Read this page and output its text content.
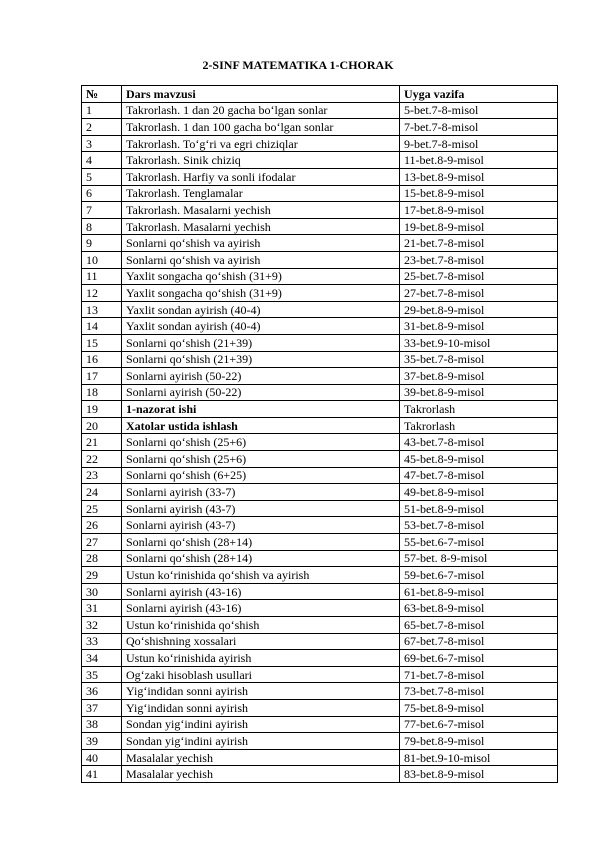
2-SINF MATEMATIKA 1-CHORAK
№	Dars mavzusi	Uyga vazifa
1	Takrorlash. 1 dan 20 gacha bo‘lgan sonlar	5-bet.7-8-misol
2	Takrorlash. 1 dan 100 gacha bo‘lgan sonlar	7-bet.7-8-misol
3	Takrorlash. To‘g‘ri va egri chiziqlar	9-bet.7-8-misol
4	Takrorlash. Sinik chiziq	11-bet.8-9-misol
5	Takrorlash. Harfiy va sonli ifodalar	13-bet.8-9-misol
6	Takrorlash. Tenglamalar	15-bet.8-9-misol
7	Takrorlash. Masalarni yechish	17-bet.8-9-misol
8	Takrorlash. Masalarni yechish	19-bet.8-9-misol
9	Sonlarni qo‘shish va ayirish	21-bet.7-8-misol
10	Sonlarni qo‘shish va ayirish	23-bet.7-8-misol
11	Yaxlit songacha qo‘shish (31+9)	25-bet.7-8-misol
12	Yaxlit songacha qo‘shish (31+9)	27-bet.7-8-misol
13	Yaxlit sondan ayirish (40-4)	29-bet.8-9-misol
14	Yaxlit sondan ayirish (40-4)	31-bet.8-9-misol
15	Sonlarni qo‘shish (21+39)	33-bet.9-10-misol
16	Sonlarni qo‘shish (21+39)	35-bet.7-8-misol
17	Sonlarni ayirish (50-22)	37-bet.8-9-misol
18	Sonlarni ayirish (50-22)	39-bet.8-9-misol
19	1-nazorat ishi	Takrorlash
20	Xatolar ustida ishlash	Takrorlash
21	Sonlarni qo‘shish (25+6)	43-bet.7-8-misol
22	Sonlarni qo‘shish (25+6)	45-bet.8-9-misol
23	Sonlarni qo‘shish (6+25)	47-bet.7-8-misol
24	Sonlarni ayirish (33-7)	49-bet.8-9-misol
25	Sonlarni ayirish (43-7)	51-bet.8-9-misol
26	Sonlarni ayirish (43-7)	53-bet.7-8-misol
27	Sonlarni qo‘shish (28+14)	55-bet.6-7-misol
28	Sonlarni qo‘shish (28+14)	57-bet. 8-9-misol
29	Ustun ko‘rinishida qo‘shish va ayirish	59-bet.6-7-misol
30	Sonlarni ayirish (43-16)	61-bet.8-9-misol
31	Sonlarni ayirish (43-16)	63-bet.8-9-misol
32	Ustun ko‘rinishida qo‘shish	65-bet.7-8-misol
33	Qo‘shishning xossalari	67-bet.7-8-misol
34	Ustun ko‘rinishida ayirish	69-bet.6-7-misol
35	Og‘zaki hisoblash usullari	71-bet.7-8-misol
36	Yig‘indidan sonni ayirish	73-bet.7-8-misol
37	Yig‘indidan sonni ayirish	75-bet.8-9-misol
38	Sondan yig‘indini ayirish	77-bet.6-7-misol
39	Sondan yig‘indini ayirish	79-bet.8-9-misol
40	Masalalar yechish	81-bet.9-10-misol
41	Masalalar yechish	83-bet.8-9-misol
